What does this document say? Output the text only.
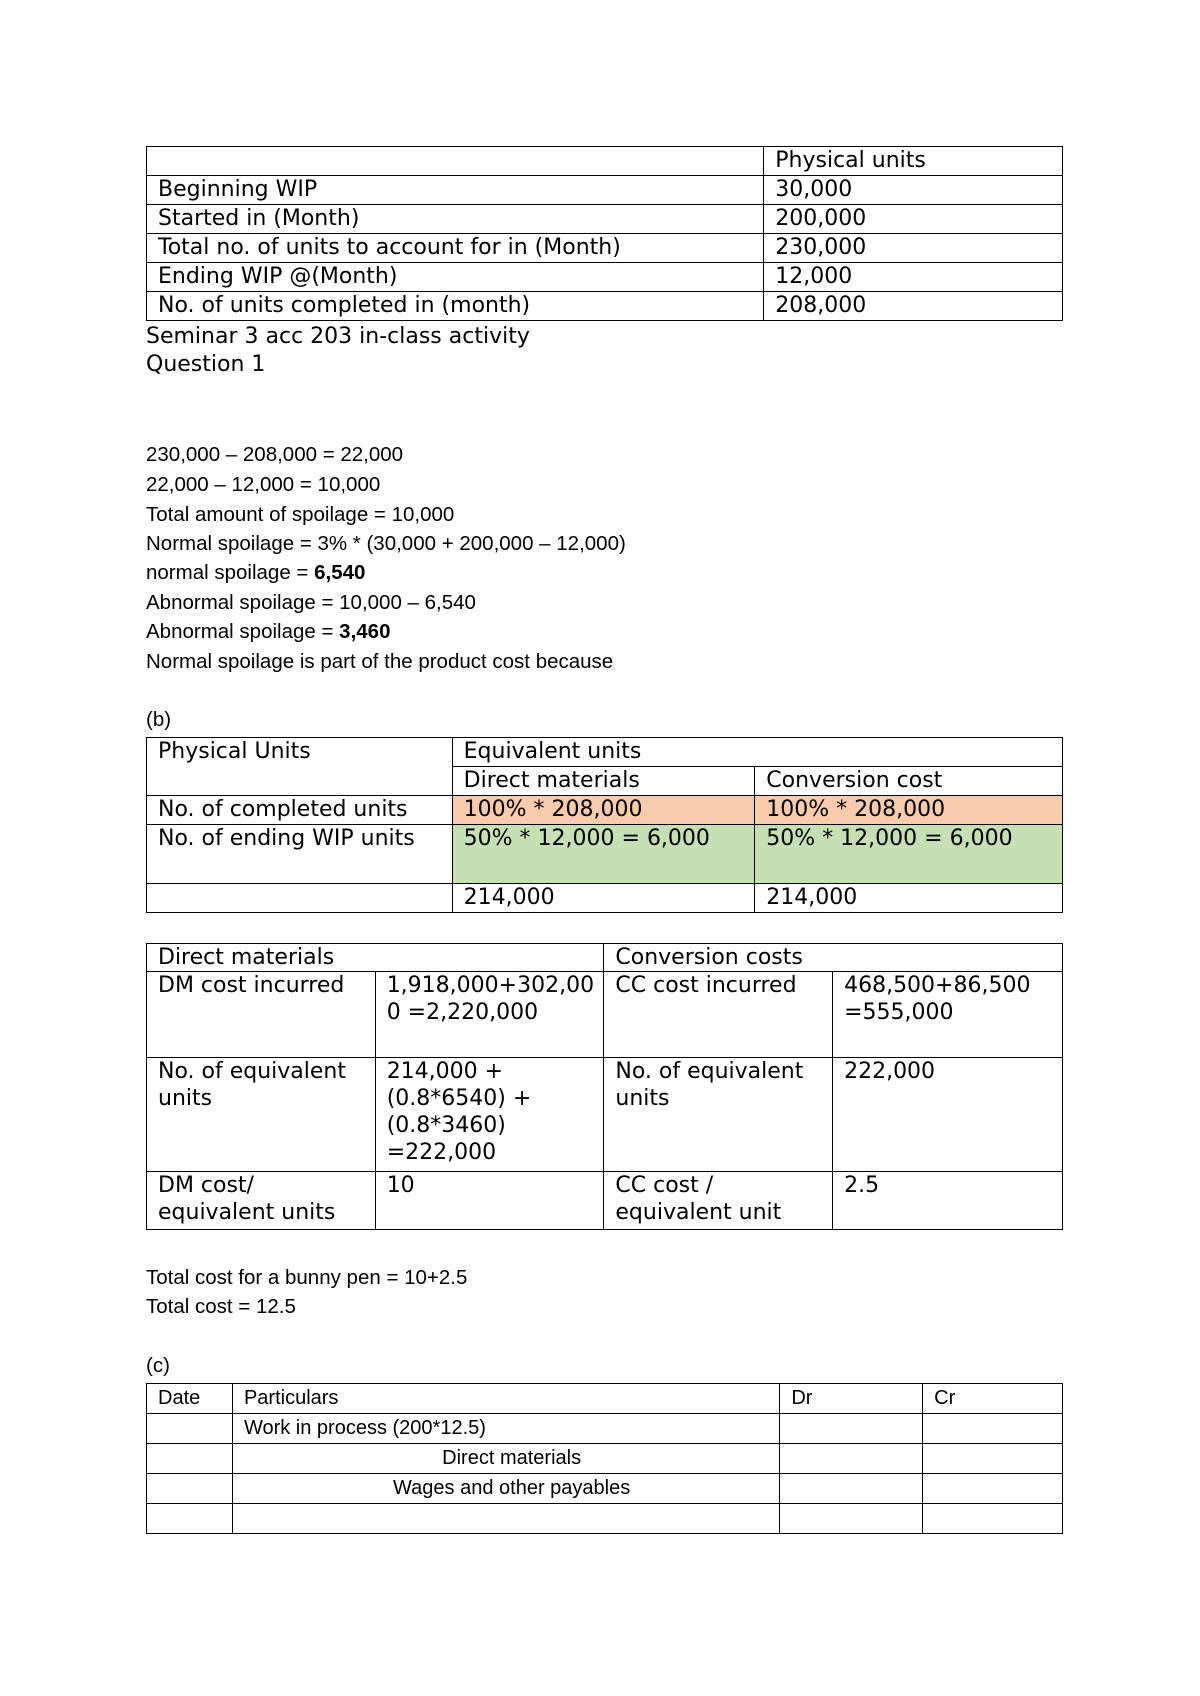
	Physical units
Beginning WIP	30,000
Started in (Month)	200,000
Total no. of units to account for in (Month)	230,000
Ending WIP @(Month)	12,000
No. of units completed in (month)	208,000
Seminar 3 acc 203 in-class activity
Question 1
230,000 – 208,000 = 22,000
22,000 – 12,000 = 10,000
Total amount of spoilage = 10,000
Normal spoilage = 3% * (30,000 + 200,000 – 12,000)
normal spoilage = 6,540
Abnormal spoilage = 10,000 – 6,540
Abnormal spoilage = 3,460
Normal spoilage is part of the product cost because
(b)
Physical Units	Equivalent units	
	Direct materials	Conversion cost
No. of completed units	100% * 208,000	100% * 208,000
No. of ending WIP units	50% * 12,000 = 6,000	50% * 12,000 = 6,000
	214,000	214,000
Direct materials		Conversion costs	
DM cost incurred	1,918,000+302,000 =2,220,000	CC cost incurred	468,500+86,500 =555,000
No. of equivalent units	214,000 + (0.8*6540) + (0.8*3460) =222,000	No. of equivalent units	222,000
DM cost/ equivalent units	10	CC cost / equivalent unit	2.5
Total cost for a bunny pen = 10+2.5
Total cost = 12.5
(c)
Date	Particulars	Dr	Cr
	Work in process (200*12.5)		
	Direct materials		
	Wages and other payables		
